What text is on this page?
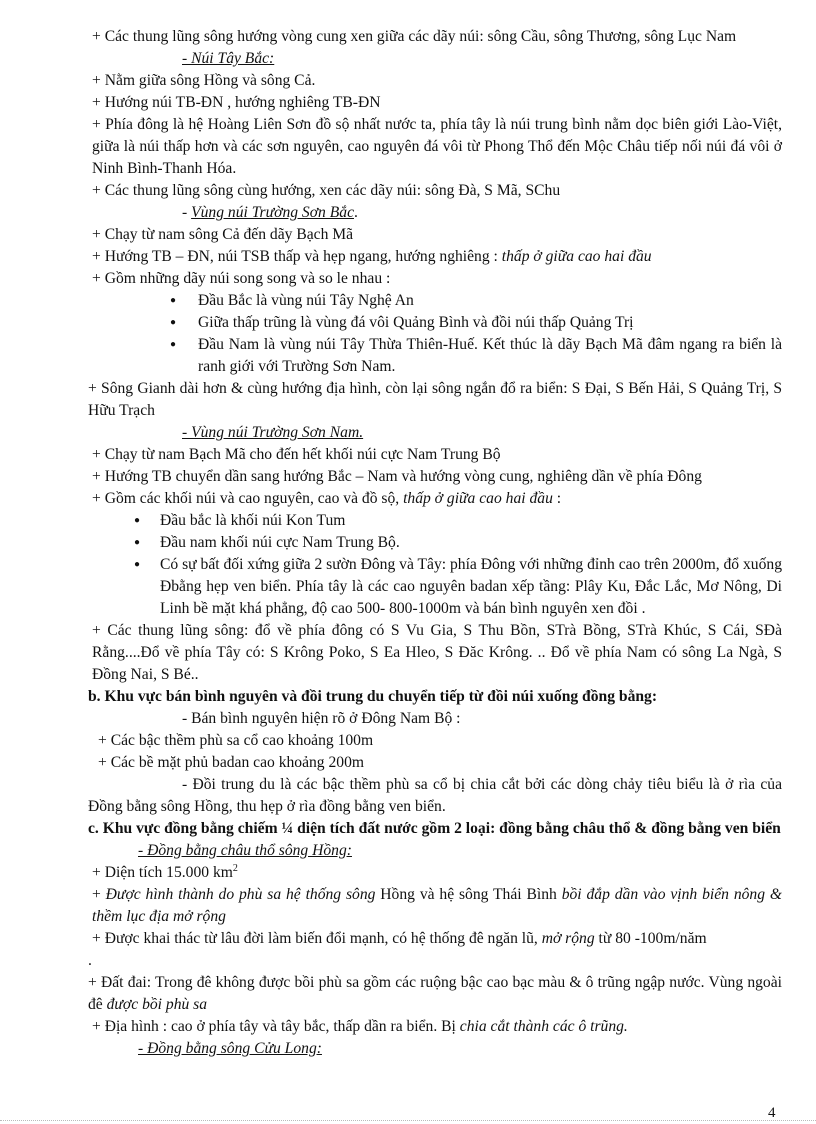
+ Các thung lũng sông hướng vòng cung xen giữa các dãy núi: sông Cầu, sông Thương, sông Lục Nam

- Núi Tây Bắc:

+ Nằm giữa sông Hồng và sông Cả.

+ Hướng núi TB-ĐN , hướng nghiêng TB-ĐN

+ Phía đông là hệ Hoàng Liên Sơn đồ sộ nhất nước ta, phía tây là núi trung bình nằm dọc biên giới Lào-Việt, giữa là núi thấp hơn và các sơn nguyên, cao nguyên đá vôi từ Phong Thổ đến Mộc Châu tiếp nối núi đá vôi ở Ninh Bình-Thanh Hóa.

+ Các thung lũng sông cùng hướng, xen các dãy núi: sông Đà, S Mã, SChu

- Vùng núi Trường Sơn Bắc.

+ Chạy từ nam sông Cả đến dãy Bạch Mã

+ Hướng TB – ĐN, núi TSB thấp và hẹp ngang, hướng nghiêng : thấp ở giữa cao hai đầu

+ Gồm những dãy núi song song và so le nhau :

● Đầu Bắc là vùng núi Tây Nghệ An
● Giữa thấp trũng là vùng đá vôi Quảng Bình và đồi núi thấp Quảng Trị
● Đầu Nam là vùng núi Tây Thừa Thiên-Huế. Kết thúc là dãy Bạch Mã đâm ngang ra biển là ranh giới với Trường Sơn Nam.

+ Sông Gianh dài hơn & cùng hướng địa hình, còn lại sông ngắn đổ ra biển: S Đại, S Bến Hải, S Quảng Trị, S Hữu Trạch

- Vùng núi Trường Sơn Nam.

+ Chạy từ nam Bạch Mã cho đến hết khối núi cực Nam Trung Bộ

+ Hướng TB chuyển dần sang hướng Bắc – Nam và hướng vòng cung, nghiêng dần về phía Đông

+ Gồm các khối núi và cao nguyên, cao và đồ sộ, thấp ở giữa cao hai đầu :

● Đầu bắc là khối núi Kon Tum
● Đầu nam khối núi cực Nam Trung Bộ.
● Có sự bất đối xứng giữa 2 sườn Đông và Tây: phía Đông với những đỉnh cao trên 2000m, đổ xuống Đbằng hẹp ven biển. Phía tây là các cao nguyên badan xếp tầng: Plây Ku, Đắc Lắc, Mơ Nông, Di Linh bề mặt khá phẳng, độ cao 500- 800-1000m và bán bình nguyên xen đồi .

+ Các thung lũng sông: đổ về phía đông có S Vu Gia, S Thu Bồn, STrà Bồng, STrà Khúc, S Cái, SĐà Rằng....Đổ về phía Tây có: S Krông Poko, S Ea Hleo, S Đăc Krông. .. Đổ về phía Nam có sông La Ngà, S Đồng Nai, S Bé..

b. Khu vực bán bình nguyên và đồi trung du chuyển tiếp từ đồi núi xuống đồng bằng:

- Bán bình nguyên hiện rõ ở Đông Nam Bộ :

+ Các bậc thềm phù sa cổ cao khoảng 100m

+ Các bề mặt phủ badan cao khoảng 200m

- Đồi trung du là các bậc thềm phù sa cổ bị chia cắt bởi các dòng chảy tiêu biểu là ở rìa của Đồng bằng sông Hồng, thu hẹp ở rìa đồng bằng ven biển.

c. Khu vực đồng bằng chiếm ¼ diện tích đất nước gồm 2 loại: đồng bằng châu thổ & đồng bằng ven biển

- Đồng bằng châu thổ sông Hồng:

+ Diện tích 15.000 $km^2$

+ Được hình thành do phù sa hệ thống sông Hồng và hệ sông Thái Bình bồi đắp dần vào vịnh biển nông & thềm lục địa mở rộng

+ Được khai thác từ lâu đời làm biến đổi mạnh, có hệ thống đê ngăn lũ, mở rộng từ 80 -100m/năm

.

+ Đất đai: Trong đê không được bồi phù sa gồm các ruộng bậc cao bạc màu & ô trũng ngập nước. Vùng ngoài đê được bồi phù sa

+ Địa hình : cao ở phía tây và tây bắc, thấp dần ra biển. Bị chia cắt thành các ô trũng.

- Đồng bằng sông Cửu Long:

4
